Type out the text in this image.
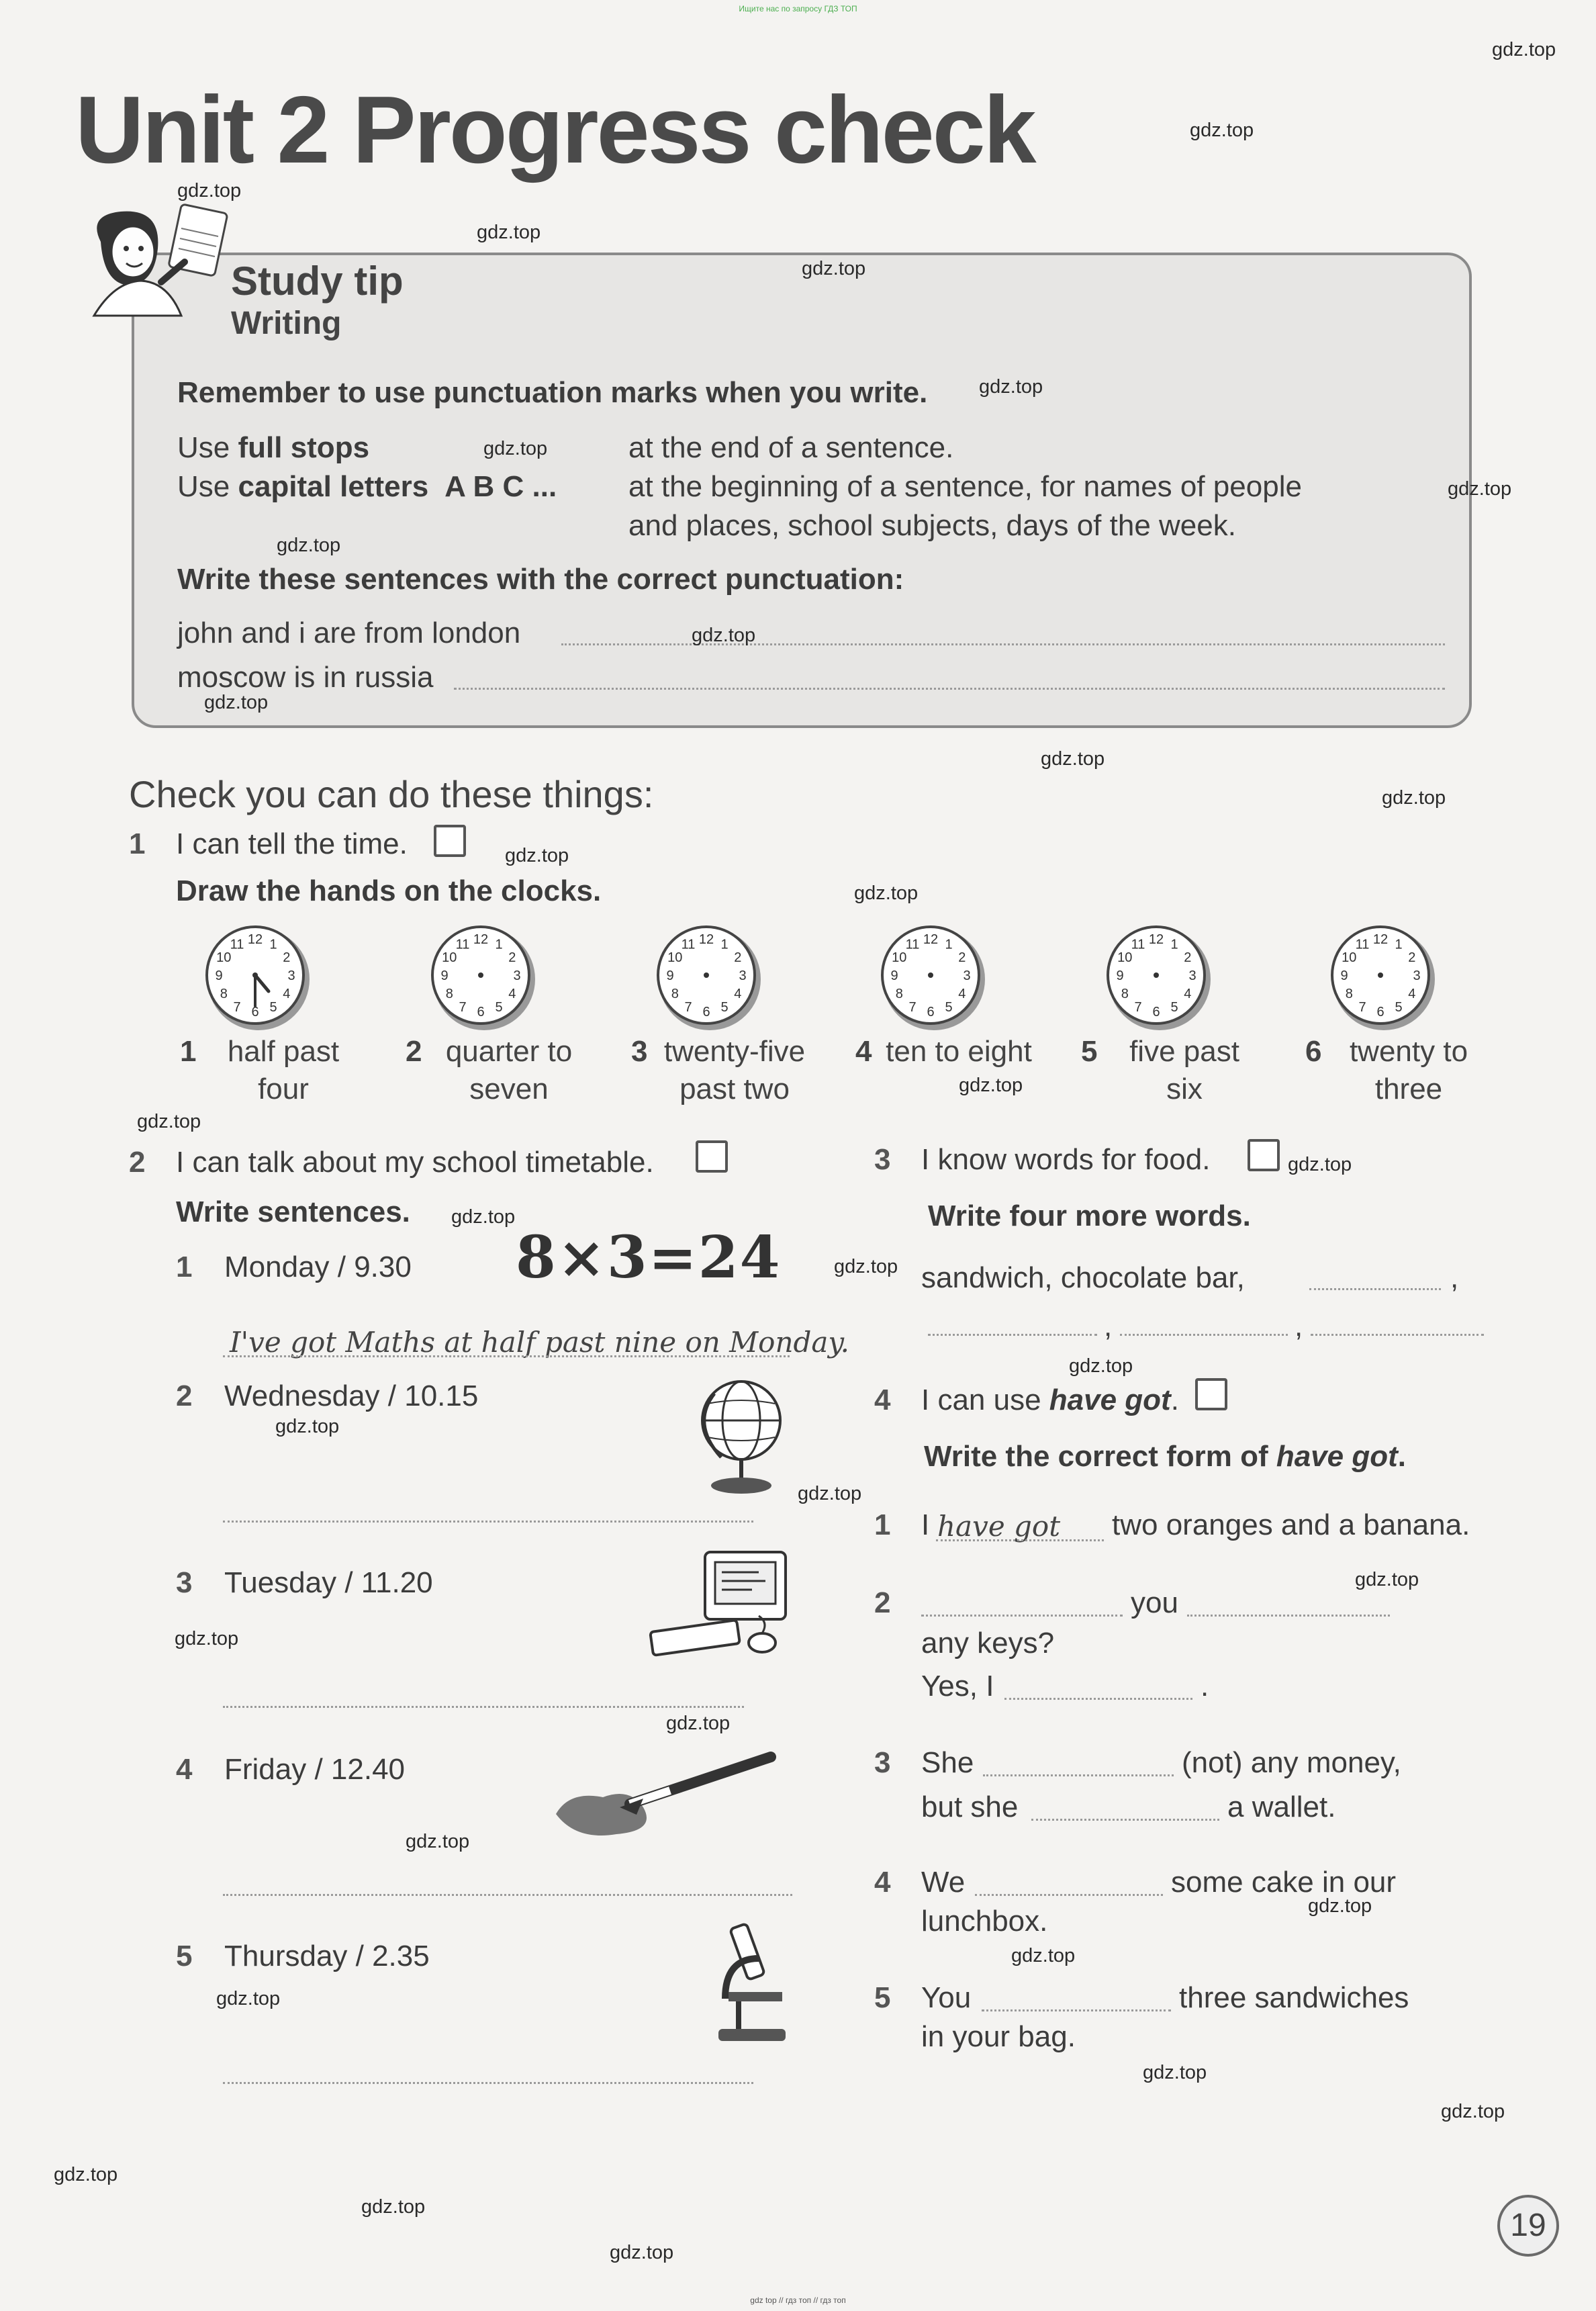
Ищите нас по запросу ГДЗ ТОП
gdz top // гдз топ // гдз топ
Unit 2 Progress check
Study tip
Writing
Remember to use punctuation marks when you write.
Use full stops	at the end of a sentence.
Use capital letters A B C ... at the beginning of a sentence, for names of people
and places, school subjects, days of the week.
Write these sentences with the correct punctuation:
john and i are from london
moscow is in russia
Check you can do these things:
1 I can tell the time.
Draw the hands on the clocks.
12 1
2
3
4
5
6
7
8
9
10
11
1	half past
four
12 1
2
3
4
5
6
7
8
9
10
11
2 quarter to
seven
12 1
2
3
4
5
6
7
8
9
10
11
3 twenty-five
past two
12 1
2
3
4
5
6
7
8
9
10
11
4 ten to eight
12 1
2
3
4
5
6
7
8
9
10
11
5	five past
six
12 1
2
3
4
5
6
7
8
9
10
11
6 twenty to
three
2 I can talk about my school timetable.
Write sentences.
8×3=24
1 Monday / 9.30
I've got Maths at half past nine on Monday.
2 Wednesday / 10.15
3 Tuesday / 11.20
4 Friday / 12.40
5 Thursday / 2.35
3 I know words for food.
Write four more words.
sandwich, chocolate bar,	,
,	,
4 I can use have got.
Write the correct form of have got.
1 I have got two oranges and a banana.
2	you
any keys?
Yes, I	.
3 She	(not) any money,
but she	a wallet.
4 We	some cake in our
lunchbox.
5 You	three sandwiches
in your bag.
19
gdz.top
gdz.top
gdz.top
gdz.top
gdz.top
gdz.top
gdz.top
gdz.top
gdz.top
gdz.top
gdz.top
gdz.top
gdz.top
gdz.top
gdz.top
gdz.top
gdz.top
gdz.top
gdz.top
gdz.top
gdz.top
gdz.top
gdz.top
gdz.top
gdz.top
gdz.top
gdz.top
gdz.top
gdz.top
gdz.top
gdz.top
gdz.top
gdz.top
gdz.top
gdz.top
